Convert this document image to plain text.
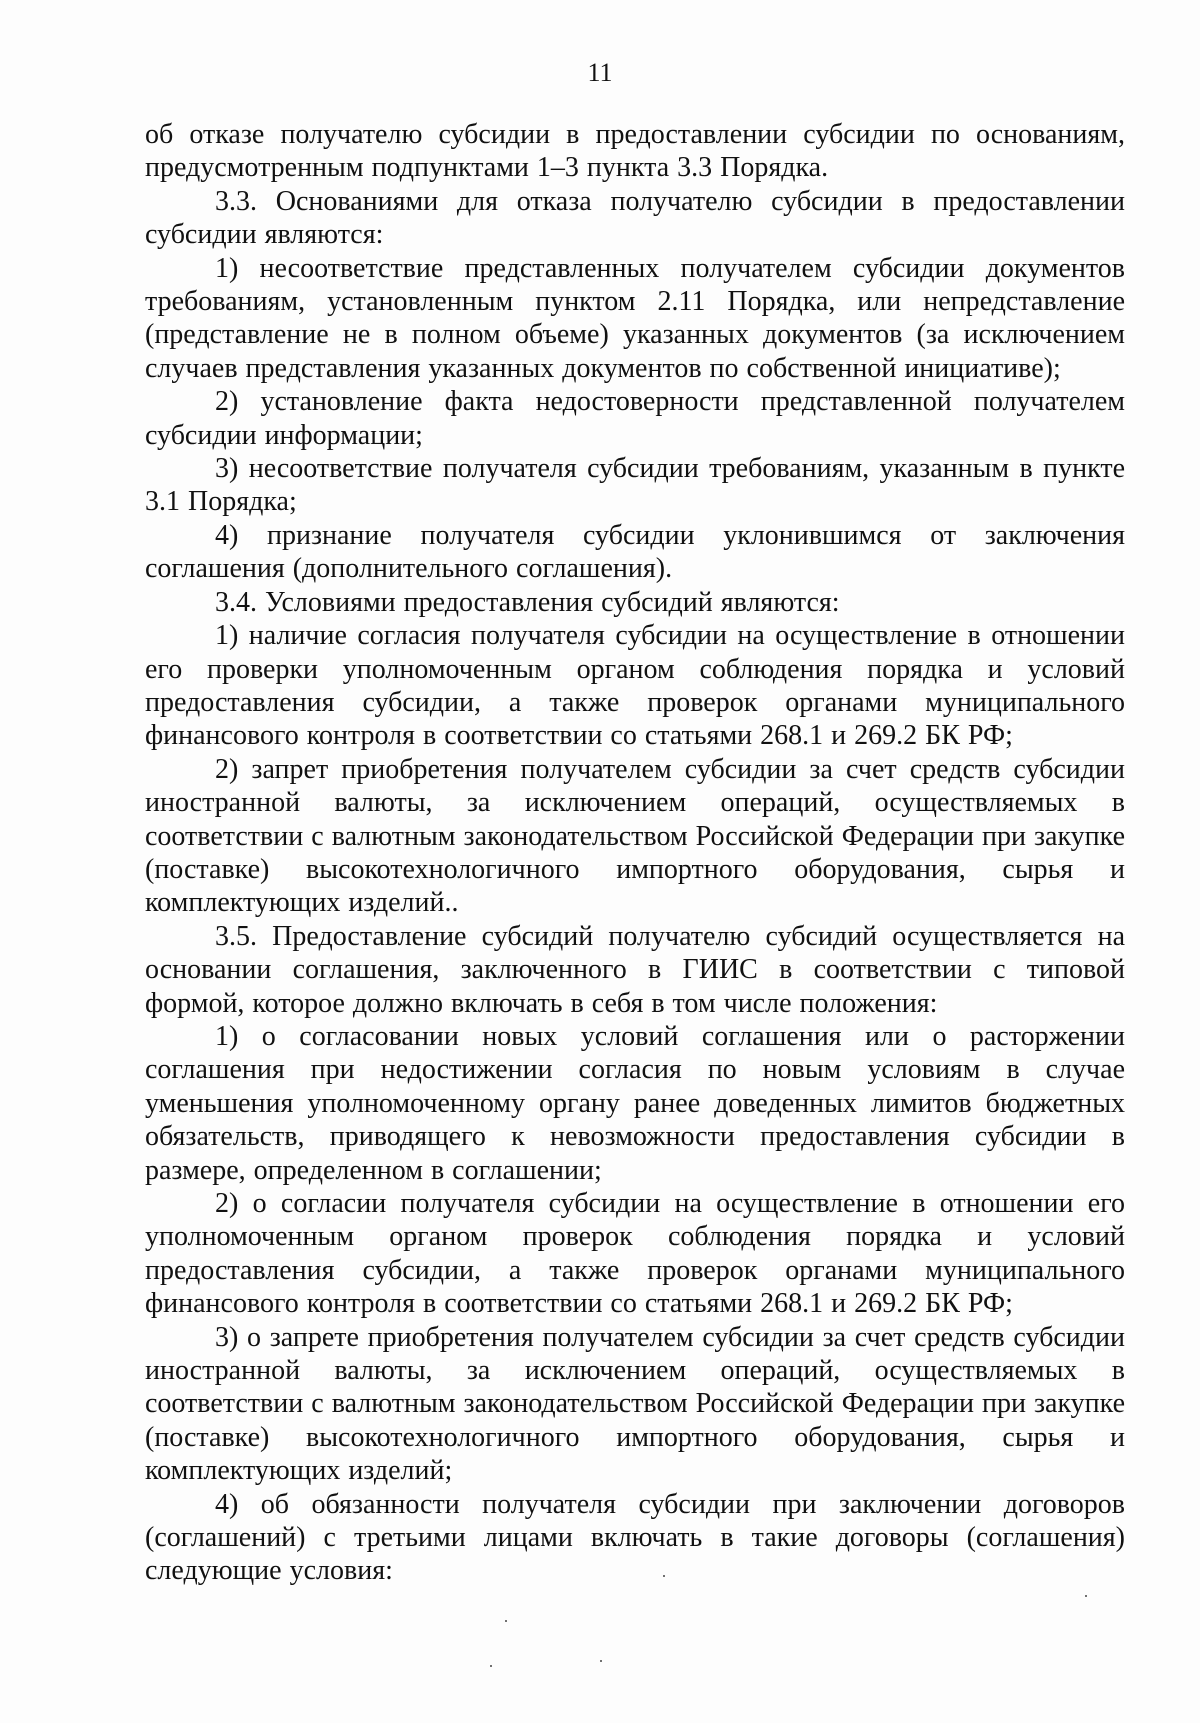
11

об отказе получателю субсидии в предоставлении субсидии по основаниям, предусмотренным подпунктами 1–3 пункта 3.3 Порядка.

3.3. Основаниями для отказа получателю субсидии в предоставлении субсидии являются:

1) несоответствие представленных получателем субсидии документов требованиям, установленным пунктом 2.11 Порядка, или непредставление (представление не в полном объеме) указанных документов (за исключением случаев представления указанных документов по собственной инициативе);

2) установление факта недостоверности представленной получателем субсидии информации;

3) несоответствие получателя субсидии требованиям, указанным в пункте 3.1 Порядка;

4) признание получателя субсидии уклонившимся от заключения соглашения (дополнительного соглашения).

3.4. Условиями предоставления субсидий являются:

1) наличие согласия получателя субсидии на осуществление в отношении его проверки уполномоченным органом соблюдения порядка и условий предоставления субсидии, а также проверок органами муниципального финансового контроля в соответствии со статьями 268.1 и 269.2 БК РФ;

2) запрет приобретения получателем субсидии за счет средств субсидии иностранной валюты, за исключением операций, осуществляемых в соответствии с валютным законодательством Российской Федерации при закупке (поставке) высокотехнологичного импортного оборудования, сырья и комплектующих изделий..

3.5. Предоставление субсидий получателю субсидий осуществляется на основании соглашения, заключенного в ГИИС в соответствии с типовой формой, которое должно включать в себя в том числе положения:

1) о согласовании новых условий соглашения или о расторжении соглашения при недостижении согласия по новым условиям в случае уменьшения уполномоченному органу ранее доведенных лимитов бюджетных обязательств, приводящего к невозможности предоставления субсидии в размере, определенном в соглашении;

2) о согласии получателя субсидии на осуществление в отношении его уполномоченным органом проверок соблюдения порядка и условий предоставления субсидии, а также проверок органами муниципального финансового контроля в соответствии со статьями 268.1 и 269.2 БК РФ;

3) о запрете приобретения получателем субсидии за счет средств субсидии иностранной валюты, за исключением операций, осуществляемых в соответствии с валютным законодательством Российской Федерации при закупке (поставке) высокотехнологичного импортного оборудования, сырья и комплектующих изделий;

4) об обязанности получателя субсидии при заключении договоров (соглашений) с третьими лицами включать в такие договоры (соглашения) следующие условия:
